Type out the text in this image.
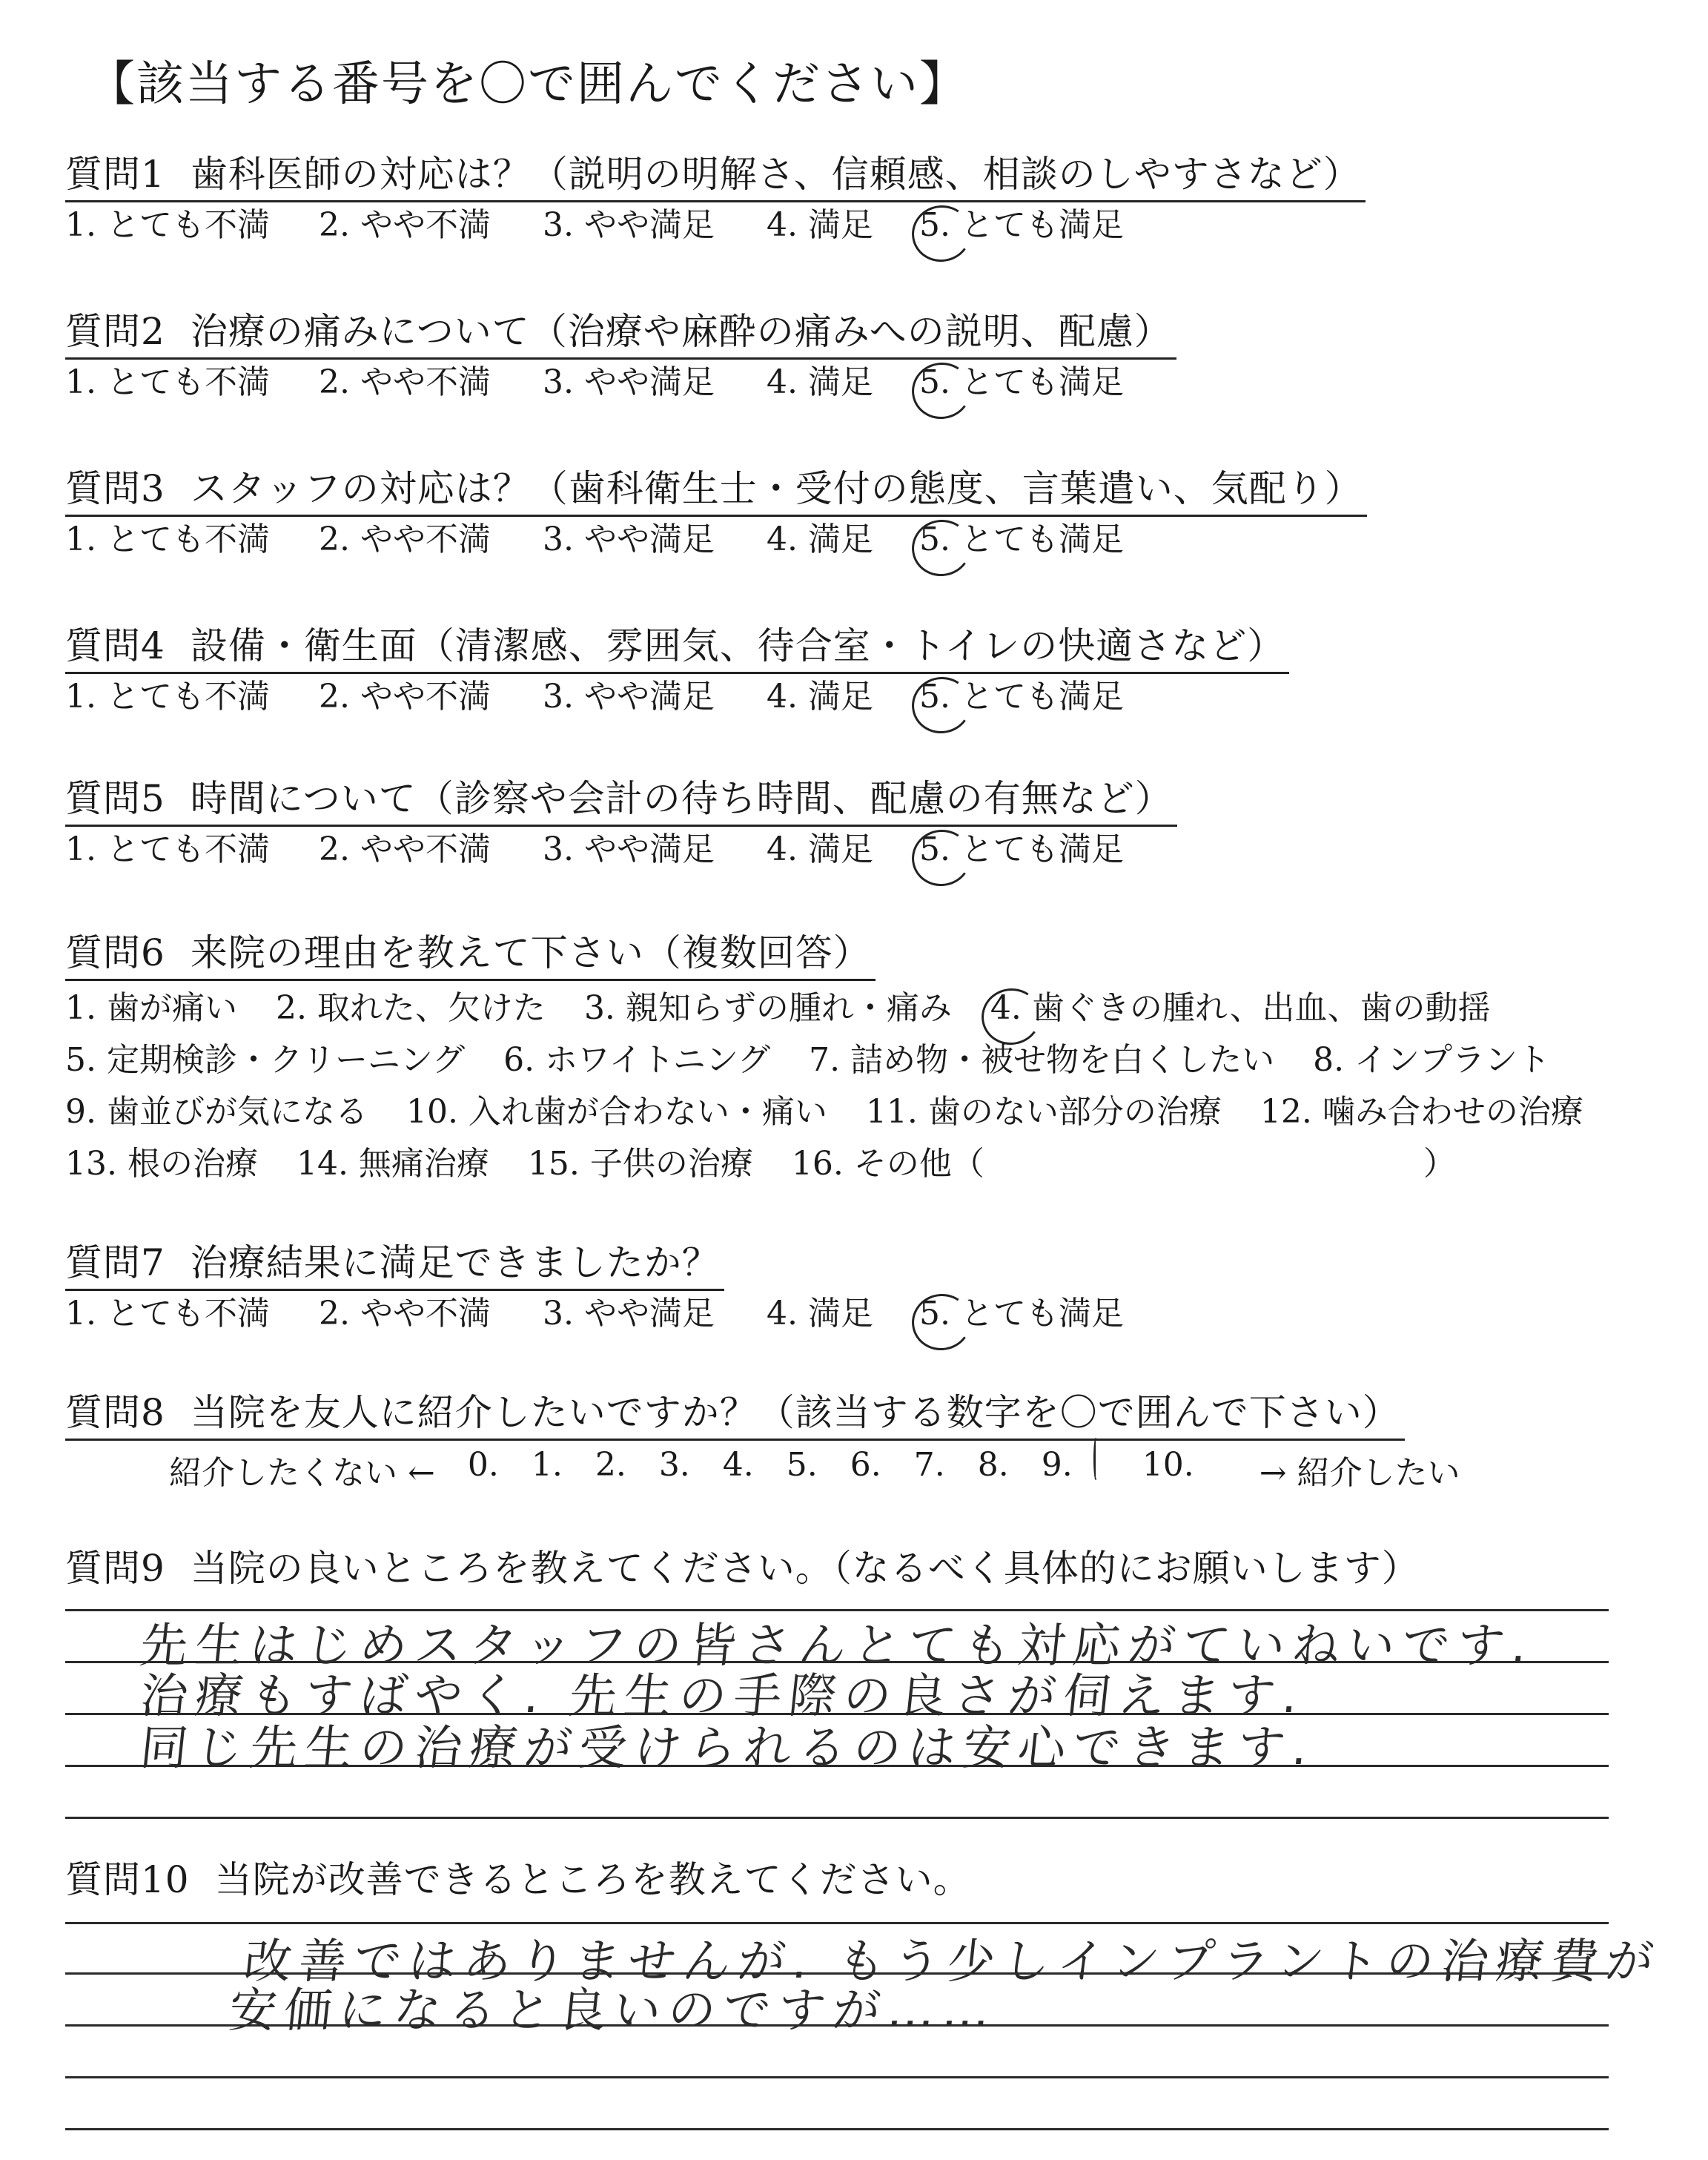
【該当する番号を〇で囲んでください】
質問1 歯科医師の対応は？（説明の明解さ、信頼感、相談のしやすさなど）
1. とても不満	2. やや不満	3. やや満足	4. 満足	5. とても満足
質問2 治療の痛みについて（治療や麻酔の痛みへの説明、配慮）
1. とても不満	2. やや不満	3. やや満足	4. 満足	5. とても満足
質問3 スタッフの対応は？（歯科衛生士・受付の態度、言葉遣い、気配り）
1. とても不満	2. やや不満	3. やや満足	4. 満足	5. とても満足
質問4 設備・衛生面（清潔感、雰囲気、待合室・トイレの快適さなど）
1. とても不満	2. やや不満	3. やや満足	4. 満足	5. とても満足
質問5 時間について（診察や会計の待ち時間、配慮の有無など）
1. とても不満	2. やや不満	3. やや満足	4. 満足	5. とても満足
質問6 来院の理由を教えて下さい（複数回答）
1. 歯が痛い 2. 取れた、欠けた 3. 親知らずの腫れ・痛み 4. 歯ぐきの腫れ、出血、歯の動揺
5. 定期検診・クリーニング 6. ホワイトニング 7. 詰め物・被せ物を白くしたい 8. インプラント
9. 歯並びが気になる 10. 入れ歯が合わない・痛い 11. 歯のない部分の治療 12. 噛み合わせの治療
13. 根の治療 14. 無痛治療 15. 子供の治療 16. その他（	）
質問7 治療結果に満足できましたか？
1. とても不満	2. やや不満	3. やや満足	4. 満足	5. とても満足
質問8 当院を友人に紹介したいですか？（該当する数字を〇で囲んで下さい）
紹介したくない ← 0. 1. 2. 3. 4. 5. 6. 7. 8. 9.	10.	→ 紹介したい
質問9 当院の良いところを教えてください。（なるべく具体的にお願いします）
先生はじめスタッフの皆さんとても対応がていねいです.
治療もすばやく. 先生の手際の良さが伺えます.
同じ先生の治療が受けられるのは安心できます.
質問10 当院が改善できるところを教えてください。
改善ではありませんが. もう少しインプラントの治療費が
安価になると良いのですが……
